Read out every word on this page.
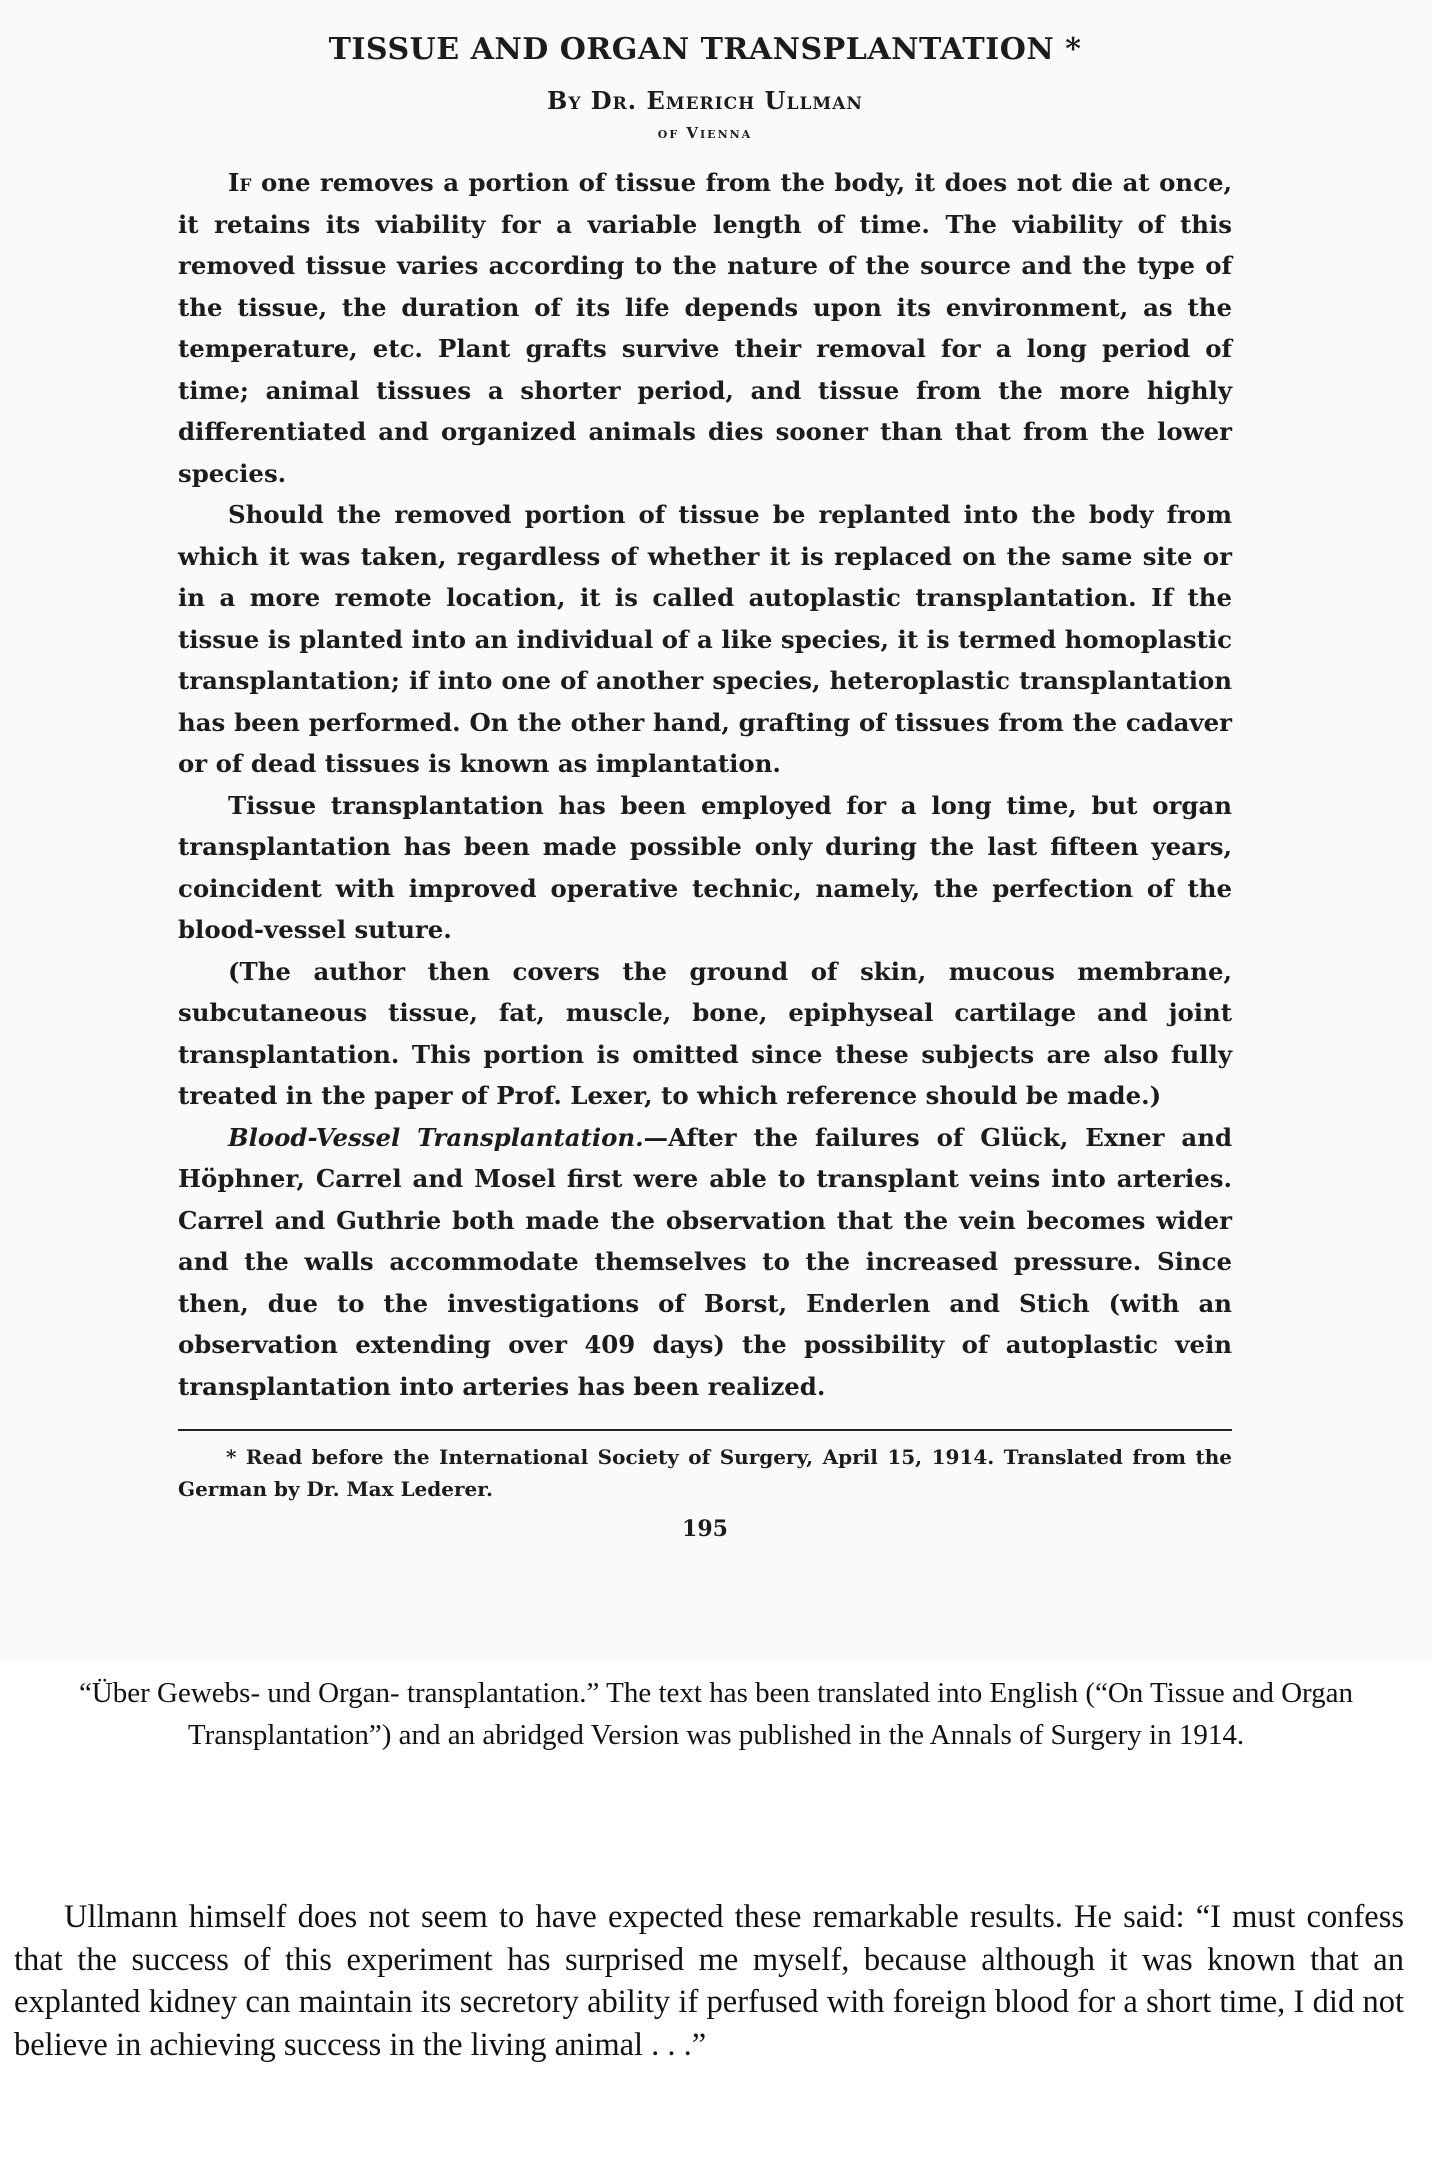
TISSUE AND ORGAN TRANSPLANTATION *
By Dr. Emerich Ullman
of Vienna

If one removes a portion of tissue from the body, it does not die at once, it retains its viability for a variable length of time. The viability of this removed tissue varies according to the nature of the source and the type of the tissue, the duration of its life depends upon its environment, as the temperature, etc. Plant grafts survive their removal for a long period of time; animal tissues a shorter period, and tissue from the more highly differentiated and organized animals dies sooner than that from the lower species.

Should the removed portion of tissue be replanted into the body from which it was taken, regardless of whether it is replaced on the same site or in a more remote location, it is called autoplastic transplantation. If the tissue is planted into an individual of a like species, it is termed homoplastic transplantation; if into one of another species, heteroplastic transplantation has been performed. On the other hand, grafting of tissues from the cadaver or of dead tissues is known as implantation.

Tissue transplantation has been employed for a long time, but organ transplantation has been made possible only during the last fifteen years, coincident with improved operative technic, namely, the perfection of the blood-vessel suture.

(The author then covers the ground of skin, mucous membrane, subcutaneous tissue, fat, muscle, bone, epiphyseal cartilage and joint transplantation. This portion is omitted since these subjects are also fully treated in the paper of Prof. Lexer, to which reference should be made.)

Blood-Vessel Transplantation.—After the failures of Glück, Exner and Höphner, Carrel and Mosel first were able to transplant veins into arteries. Carrel and Guthrie both made the observation that the vein becomes wider and the walls accommodate themselves to the increased pressure. Since then, due to the investigations of Borst, Enderlen and Stich (with an observation extending over 409 days) the possibility of autoplastic vein transplantation into arteries has been realized.

* Read before the International Society of Surgery, April 15, 1914. Translated from the German by Dr. Max Lederer.
195
“Über Gewebs- und Organ- transplantation.” The text has been translated into English (“On Tissue and Organ Transplantation”) and an abridged Version was published in the Annals of Surgery in 1914.
Ullmann himself does not seem to have expected these remarkable results. He said: “I must confess that the success of this experiment has surprised me myself, because although it was known that an explanted kidney can maintain its secretory ability if perfused with foreign blood for a short time, I did not believe in achieving success in the living animal . . .”
